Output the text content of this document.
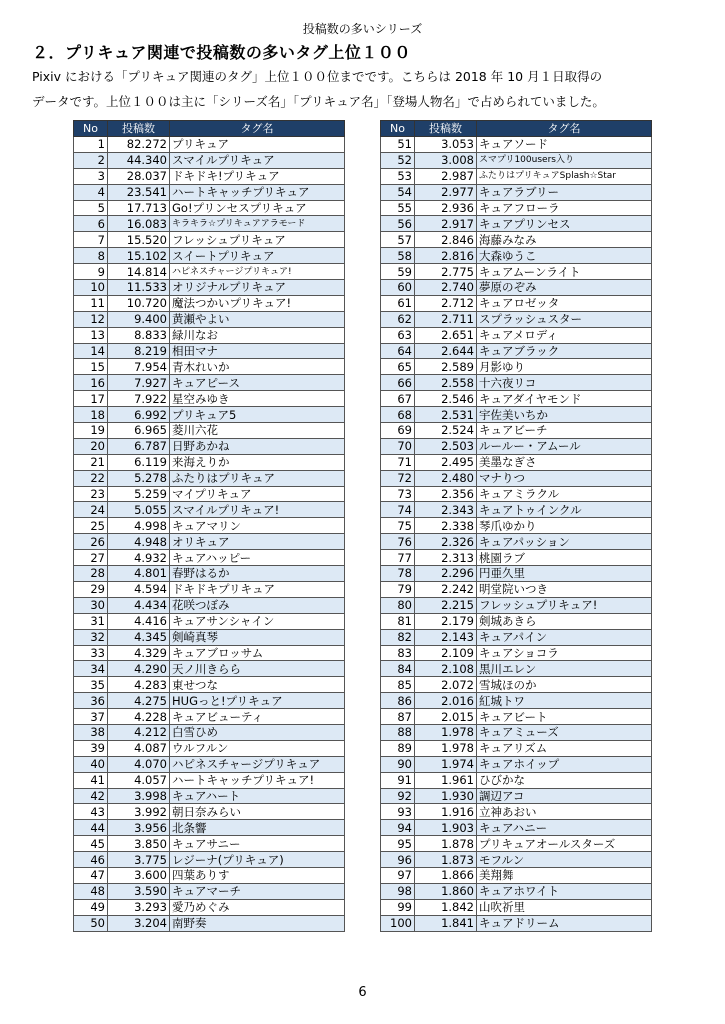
投稿数の多いシリーズ
２．プリキュア関連で投稿数の多いタグ上位１００
Pixiv における「プリキュア関連のタグ」上位１００位までです。こちらは 2018 年 10 月１日取得の
データです。上位１００は主に「シリーズ名」「プリキュア名」「登場人物名」で占められていました。
No	投稿数	タグ名
1	82.272	プリキュア
2	44.340	スマイルプリキュア
3	28.037	ドキドキ!プリキュア
4	23.541	ハートキャッチプリキュア
5	17.713	Go!プリンセスプリキュア
6	16.083	キラキラ☆プリキュアアラモード
7	15.520	フレッシュプリキュア
8	15.102	スイートプリキュア
9	14.814	ハピネスチャージプリキュア!
10	11.533	オリジナルプリキュア
11	10.720	魔法つかいプリキュア!
12	9.400	黄瀬やよい
13	8.833	緑川なお
14	8.219	相田マナ
15	7.954	青木れいか
16	7.927	キュアピース
17	7.922	星空みゆき
18	6.992	プリキュア5
19	6.965	菱川六花
20	6.787	日野あかね
21	6.119	来海えりか
22	5.278	ふたりはプリキュア
23	5.259	マイプリキュア
24	5.055	スマイルプリキュア!
25	4.998	キュアマリン
26	4.948	オリキュア
27	4.932	キュアハッピー
28	4.801	春野はるか
29	4.594	ドキドキプリキュア
30	4.434	花咲つぼみ
31	4.416	キュアサンシャイン
32	4.345	剣崎真琴
33	4.329	キュアブロッサム
34	4.290	天ノ川きらら
35	4.283	東せつな
36	4.275	HUGっと!プリキュア
37	4.228	キュアビューティ
38	4.212	白雪ひめ
39	4.087	ウルフルン
40	4.070	ハピネスチャージプリキュア
41	4.057	ハートキャッチプリキュア!
42	3.998	キュアハート
43	3.992	朝日奈みらい
44	3.956	北条響
45	3.850	キュアサニー
46	3.775	レジーナ(プリキュア)
47	3.600	四葉ありす
48	3.590	キュアマーチ
49	3.293	愛乃めぐみ
50	3.204	南野奏
No	投稿数	タグ名
51	3.053	キュアソード
52	3.008	スマプリ100users入り
53	2.987	ふたりはプリキュアSplash☆Star
54	2.977	キュアラブリー
55	2.936	キュアフローラ
56	2.917	キュアプリンセス
57	2.846	海藤みなみ
58	2.816	大森ゆうこ
59	2.775	キュアムーンライト
60	2.740	夢原のぞみ
61	2.712	キュアロゼッタ
62	2.711	スプラッシュスター
63	2.651	キュアメロディ
64	2.644	キュアブラック
65	2.589	月影ゆり
66	2.558	十六夜リコ
67	2.546	キュアダイヤモンド
68	2.531	宇佐美いちか
69	2.524	キュアビーチ
70	2.503	ルールー・アムール
71	2.495	美墨なぎさ
72	2.480	マナりつ
73	2.356	キュアミラクル
74	2.343	キュアトゥインクル
75	2.338	琴爪ゆかり
76	2.326	キュアパッション
77	2.313	桃園ラブ
78	2.296	円亜久里
79	2.242	明堂院いつき
80	2.215	フレッシュプリキュア!
81	2.179	剣城あきら
82	2.143	キュアパイン
83	2.109	キュアショコラ
84	2.108	黒川エレン
85	2.072	雪城ほのか
86	2.016	紅城トワ
87	2.015	キュアビート
88	1.978	キュアミューズ
89	1.978	キュアリズム
90	1.974	キュアホイップ
91	1.961	ひびかな
92	1.930	調辺アコ
93	1.916	立神あおい
94	1.903	キュアハニー
95	1.878	プリキュアオールスターズ
96	1.873	モフルン
97	1.866	美翔舞
98	1.860	キュアホワイト
99	1.842	山吹祈里
100	1.841	キュアドリーム
6
